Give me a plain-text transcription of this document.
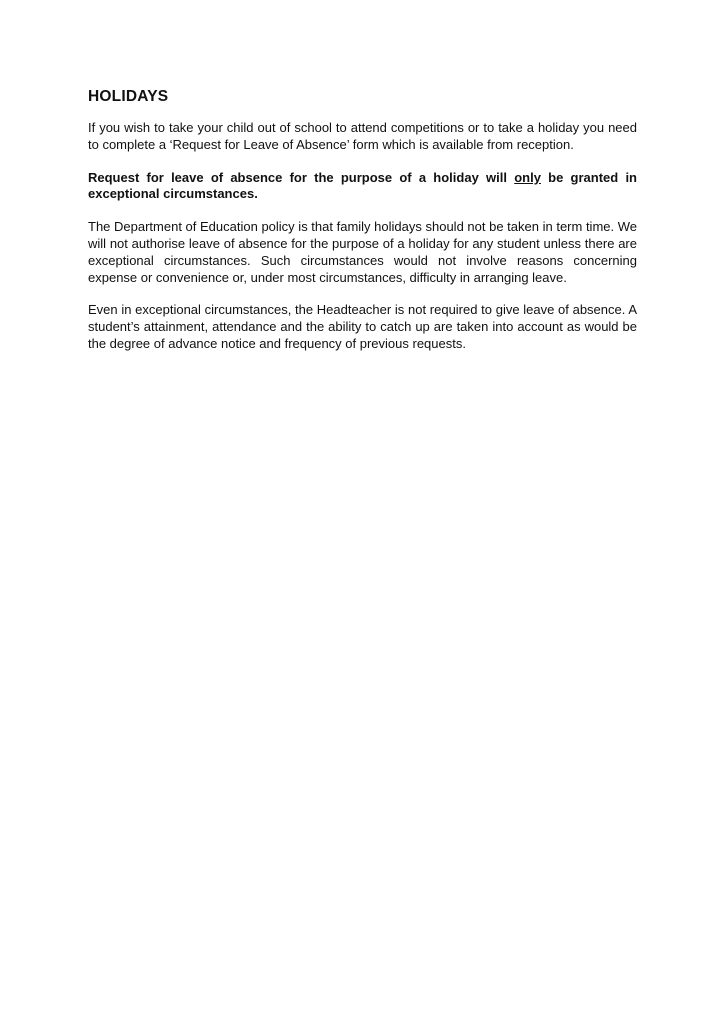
HOLIDAYS

If you wish to take your child out of school to attend competitions or to take a holiday you need to complete a ‘Request for Leave of Absence’ form which is available from reception.

Request for leave of absence for the purpose of a holiday will only be granted in exceptional circumstances.

The Department of Education policy is that family holidays should not be taken in term time. We will not authorise leave of absence for the purpose of a holiday for any student unless there are exceptional circumstances. Such circumstances would not involve reasons concerning expense or convenience or, under most circumstances, difficulty in arranging leave.

Even in exceptional circumstances, the Headteacher is not required to give leave of absence. A student’s attainment, attendance and the ability to catch up are taken into account as would be the degree of advance notice and frequency of previous requests.
